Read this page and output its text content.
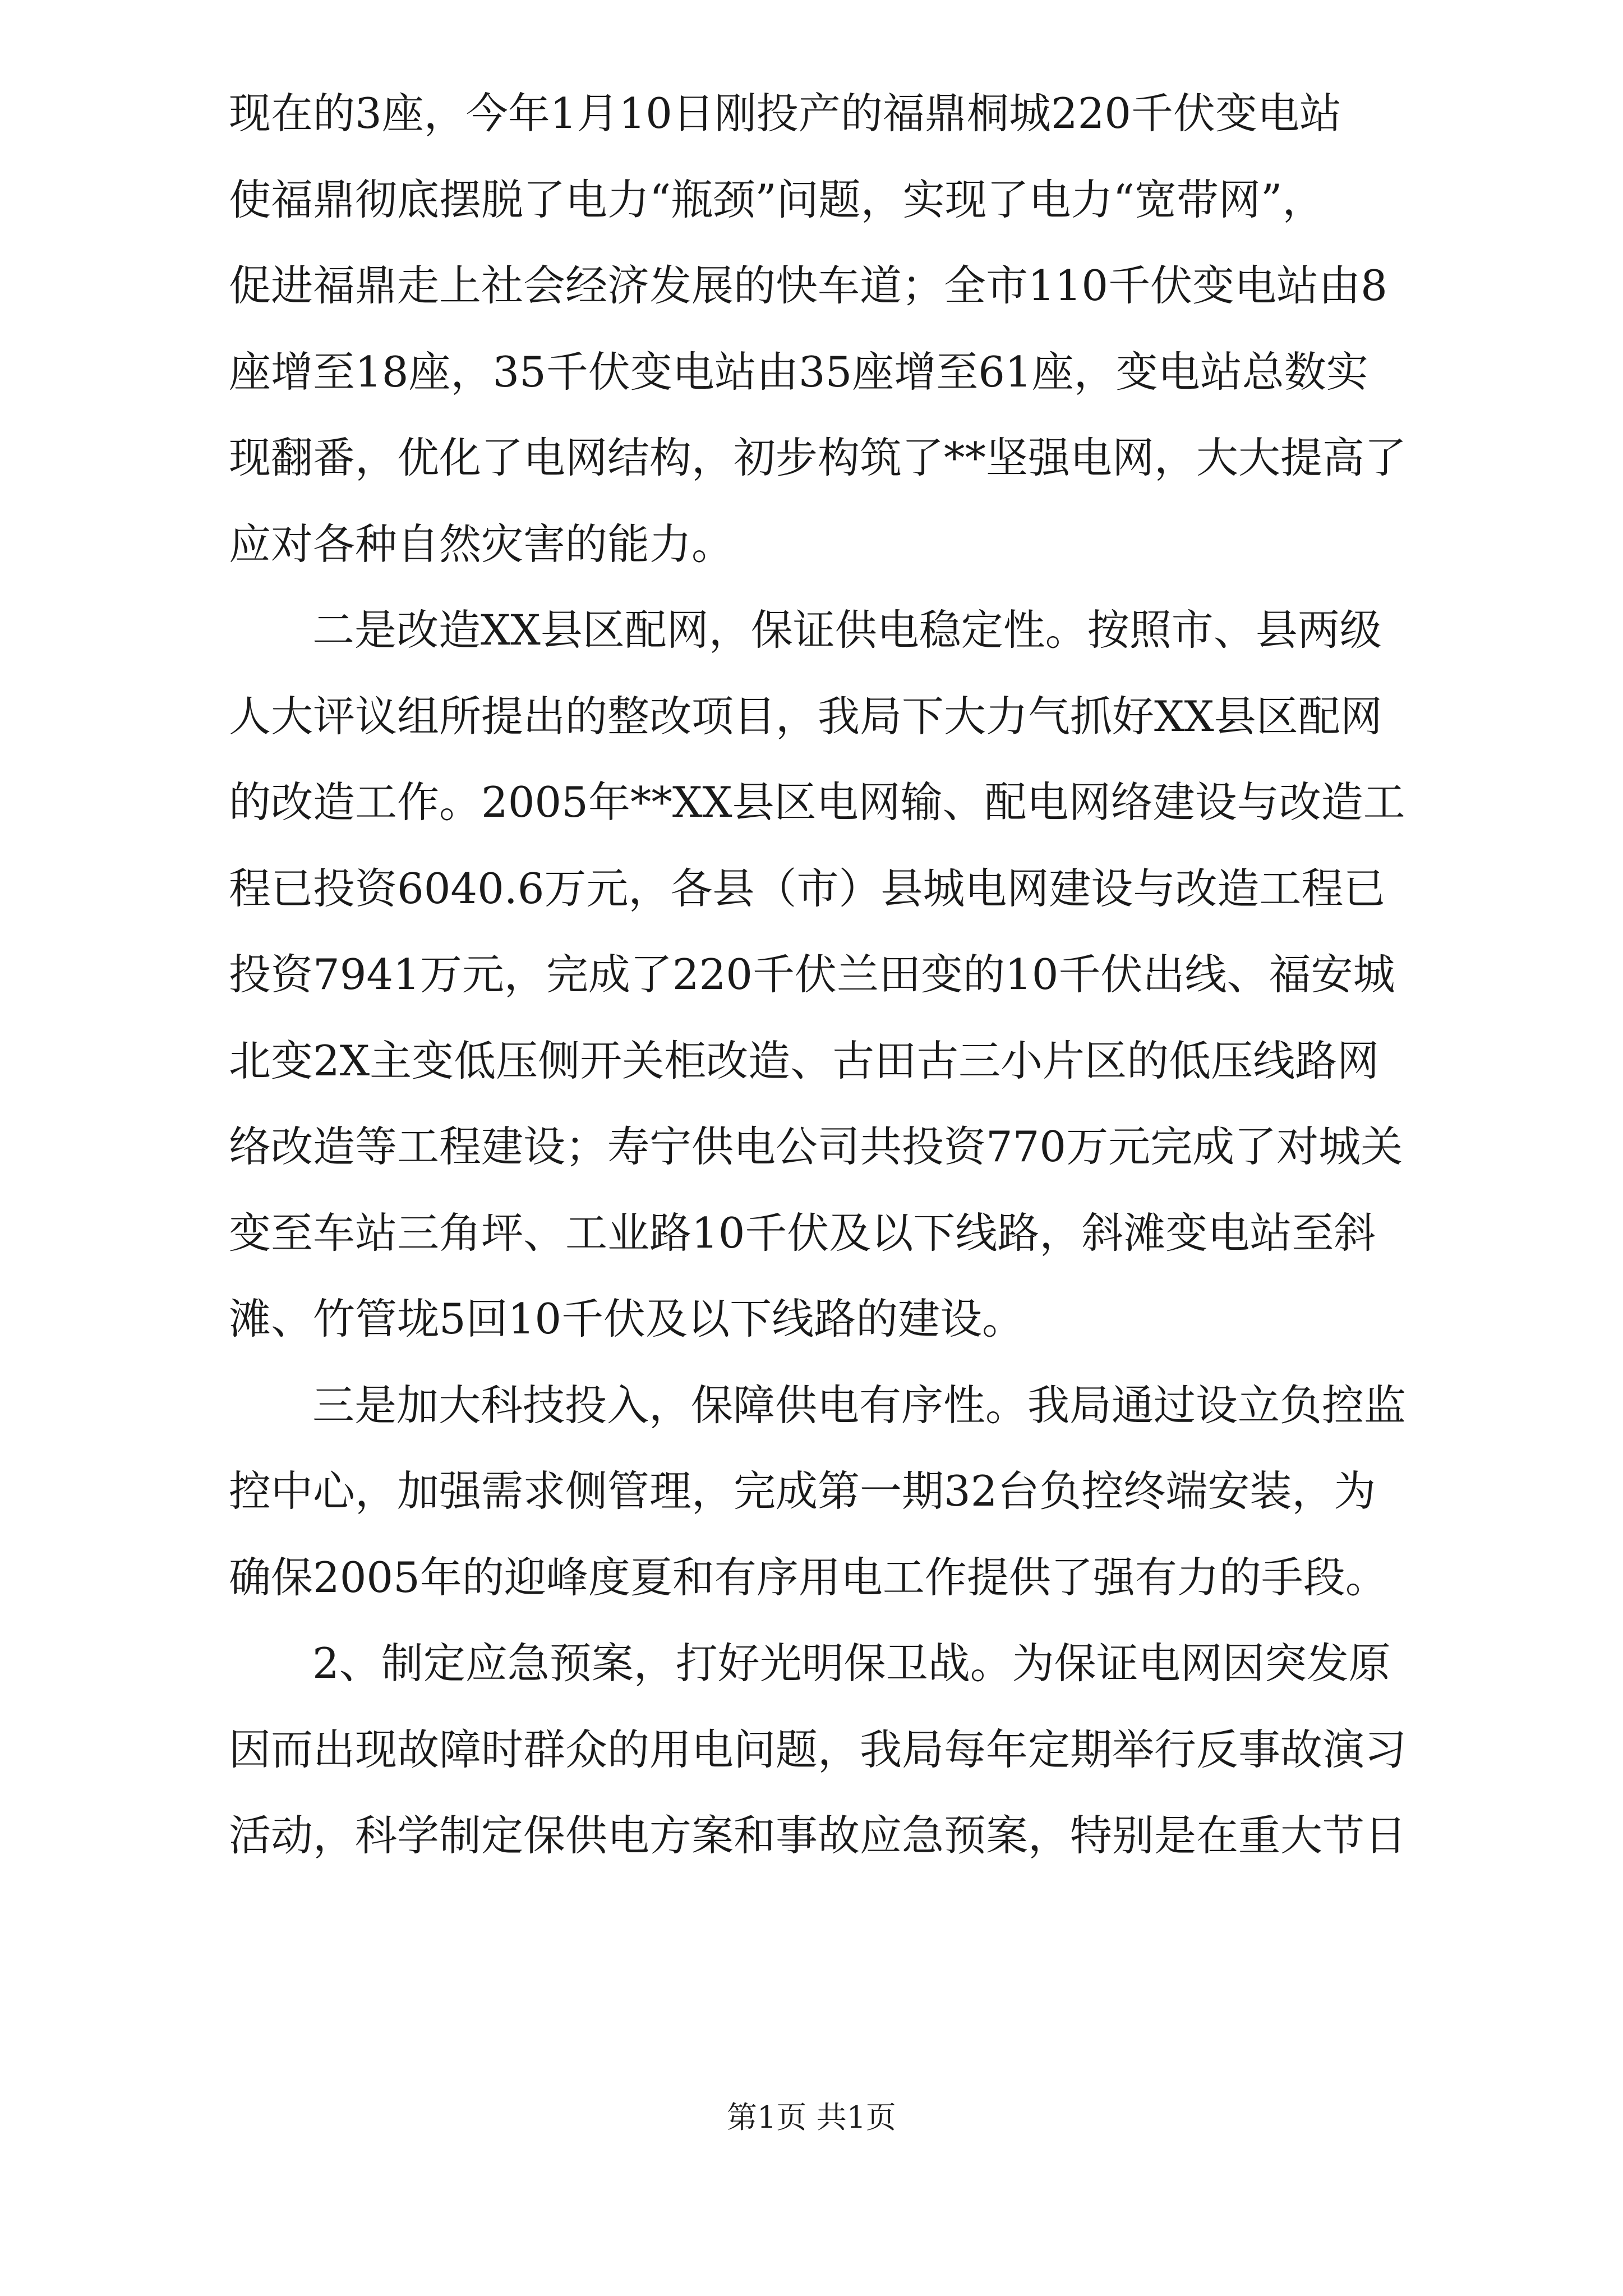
现在的3座，今年1月10日刚投产的福鼎桐城220千伏变电站
使福鼎彻底摆脱了电力“瓶颈”问题，实现了电力“宽带网”，
促进福鼎走上社会经济发展的快车道；全市110千伏变电站由8
座增至18座，35千伏变电站由35座增至61座，变电站总数实
现翻番，优化了电网结构，初步构筑了**坚强电网，大大提高了
应对各种自然灾害的能力。
二是改造XX县区配网，保证供电稳定性。按照市、县两级
人大评议组所提出的整改项目，我局下大力气抓好XX县区配网
的改造工作。2005年**XX县区电网输、配电网络建设与改造工
程已投资6040.6万元，各县（市）县城电网建设与改造工程已
投资7941万元，完成了220千伏兰田变的10千伏出线、福安城
北变2X主变低压侧开关柜改造、古田古三小片区的低压线路网
络改造等工程建设；寿宁供电公司共投资770万元完成了对城关
变至车站三角坪、工业路10千伏及以下线路，斜滩变电站至斜
滩、竹管垅5回10千伏及以下线路的建设。
三是加大科技投入，保障供电有序性。我局通过设立负控监
控中心，加强需求侧管理，完成第一期32台负控终端安装，为
确保2005年的迎峰度夏和有序用电工作提供了强有力的手段。
2、制定应急预案，打好光明保卫战。为保证电网因突发原
因而出现故障时群众的用电问题，我局每年定期举行反事故演习
活动，科学制定保供电方案和事故应急预案，特别是在重大节日
第1页 共1页
